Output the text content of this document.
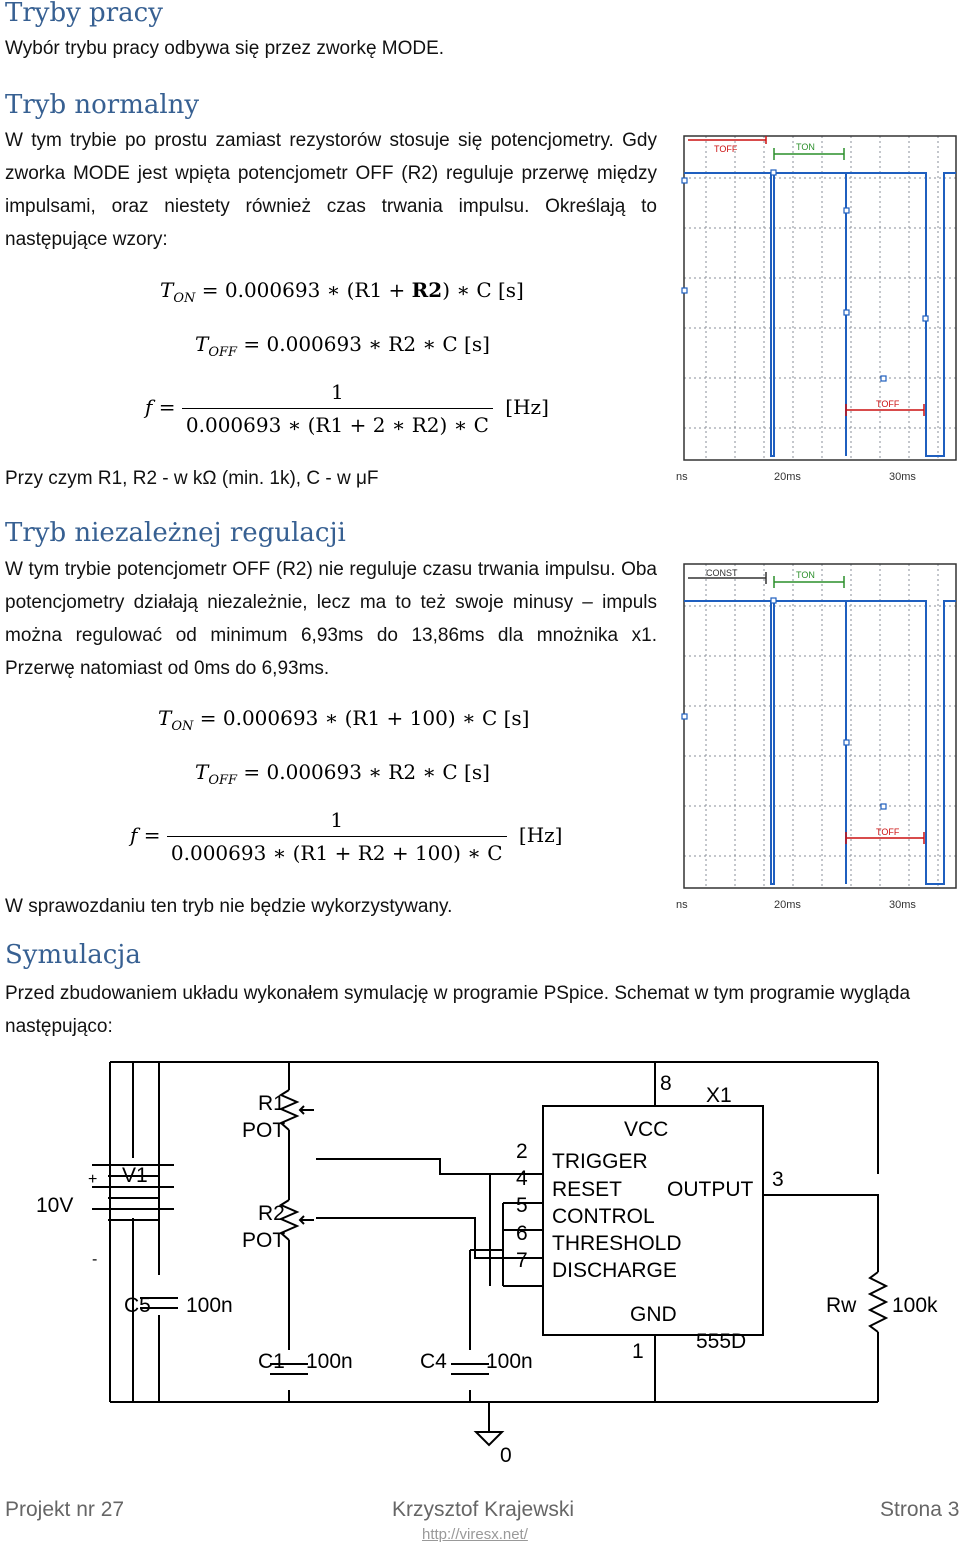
Tryby pracy

Wybór trybu pracy odbywa się przez zworkę MODE.

Tryb normalny

W tym trybie po prostu zamiast rezystorów stosuje się potencjometry. Gdy zworka MODE jest wpięta potencjometr OFF (R2) reguluje przerwę między impulsami, oraz niestety również czas trwania impulsu. Określają to następujące wzory:

$T_{ON} = 0.000693$ ∗ (R1 + R2) ∗ C [s]
$T_{OFF} = 0.000693$ ∗ R2 ∗ C [s]
$f = \frac{1}{0.000693 ∗ (R1 + 2 ∗ R2) ∗ C} [Hz]$

Przy czym R1, R2 - w kΩ (min. 1k), C - w μF

Tryb niezależnej regulacji

W tym trybie potencjometr OFF (R2) nie reguluje czasu trwania impulsu. Oba potencjometry działają niezależnie, lecz ma to też swoje minusy – impuls można regulować od minimum 6,93ms do 13,86ms dla mnożnika x1. Przerwę natomiast od 0ms do 6,93ms.

$T_{ON} = 0.000693$ ∗ (R1 + 100) ∗ C [s]
$T_{OFF} = 0.000693$ ∗ R2 ∗ C [s]
$f = \frac{1}{0.000693 ∗ (R1 + R2 + 100) ∗ C} [Hz]$

W sprawozdaniu ten tryb nie będzie wykorzystywany.

Symulacja

Przed zbudowaniem układu wykonałem symulację w programie PSpice. Schemat w tym programie wygląda następująco:

TOFF	TON
TOFF
ns	20ms	30ms
CONST	TON
TOFF
ns	20ms	30ms
R1
POT
R2
POT
V1
10V
+
-
C5 100n
C1 100n	C4 100n
Rw 100k
X1
555D
8
VCC
2 TRIGGER
4 RESET
5 CONTROL
6 THRESHOLD
7 DISCHARGE
OUTPUT 3
GND
1
0
Projekt nr 27	Krzysztof Krajewski
http://viresx.net/
Strona 3
